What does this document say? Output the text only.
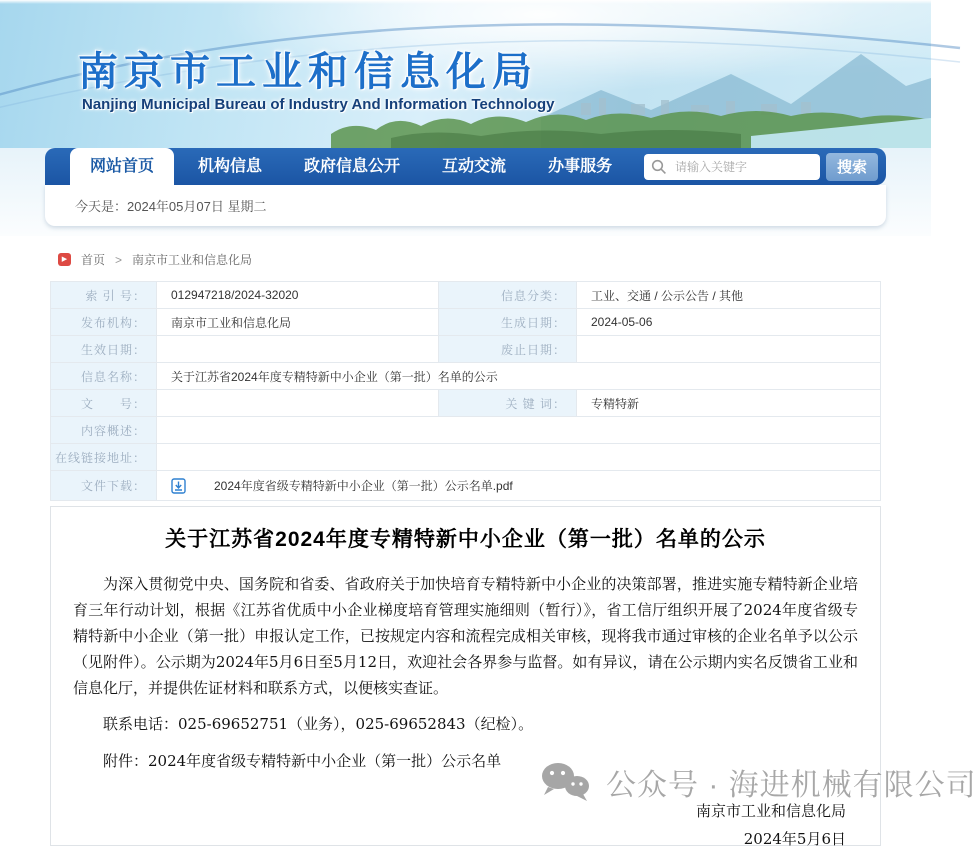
南京市工业和信息化局
Nanjing Municipal Bureau of Industry And Information Technology
网站首页	机构信息	政府信息公开	互动交流	办事服务
请输入关键字	搜索
今天是：2024年05月07日 星期二
▶	首页 > 南京市工业和信息化局
索 引 号：	012947218/2024-32020	信息分类：	工业、交通 / 公示公告 / 其他
发布机构：	南京市工业和信息化局	生成日期：	2024-05-06
生效日期：		废止日期：	
信息名称：	关于江苏省2024年度专精特新中小企业（第一批）名单的公示		
文　　号：		关 键 词：	专精特新
内容概述：			
在线链接地址：			
文件下载：	2024年度省级专精特新中小企业（第一批）公示名单.pdf		
关于江苏省2024年度专精特新中小企业（第一批）名单的公示

为深入贯彻党中央、国务院和省委、省政府关于加快培育专精特新中小企业的决策部署，推进实施专精特新企业培育三年行动计划，根据《江苏省优质中小企业梯度培育管理实施细则（暂行）》，省工信厅组织开展了2024年度省级专精特新中小企业（第一批）申报认定工作，已按规定内容和流程完成相关审核，现将我市通过审核的企业名单予以公示（见附件）。公示期为2024年5月6日至5月12日，欢迎社会各界参与监督。如有异议，请在公示期内实名反馈省工业和信息化厅，并提供佐证材料和联系方式，以便核实查证。

联系电话：025-69652751（业务），025-69652843（纪检）。

附件：2024年度省级专精特新中小企业（第一批）公示名单

南京市工业和信息化局
2024年5月6日
公众号 · 海进机械有限公司
